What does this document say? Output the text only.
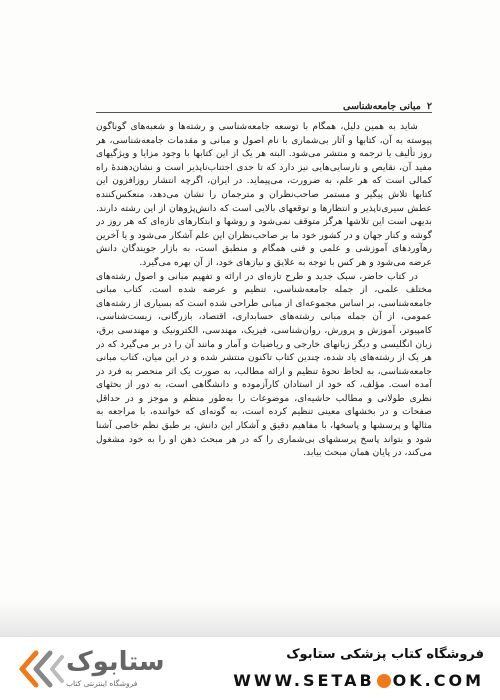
۲
مبانی جامعه‌شناسی

شاید به همین دلیل، همگام با توسعه جامعه‌شناسی و رشته‌ها و شعبه‌های گوناگون پیوسته به آن، کتابها و آثار بی‌شماری با نام اصول و مبانی و مقدمات جامعه‌شناسی، هر روز تألیف یا ترجمه و منتشر می‌شود. البته هر یک از این کتابها با وجود مزایا و ویژگیهای مفید آن، نقایص و نارسایی‌هایی نیز دارد که تا حدی اجتناب‌ناپذیر است و نشان‌دهندهٔ راه کمالی است که هر علم، به ضرورت، می‌پیماید. در ایران، اگرچه انتشار روزافزون این کتابها تلاش پیگیر و مستمر صاحب‌نظران و مترجمان را نشان می‌دهد، منعکس‌کننده عطش سیری‌ناپذیر و انتظارها و توقعهای بالایی است که دانش‌پژوهان از این رشته دارند. بدیهی است این تلاشها هرگز متوقف نمی‌شود و روشها و ابتکارهای تازه‌ای که هر روز در گوشه و کنار جهان و در کشور خود ما بر صاحب‌نظران این علم آشکار می‌شود و یا آخرین رهآوردهای آموزشی و علمی و فنی همگام و منطبق است، به بازار جویندگان دانش عرضه می‌شود و هر کس با توجه به علایق و نیازهای خود، از آن بهره می‌گیرد.

در کتاب حاضر، سبک جدید و طرح تازه‌ای در ارائه و تفهیم مبانی و اصول رشته‌های مختلف علمی، از جمله جامعه‌شناسی، تنظیم و عرضه شده است. کتاب مبانی جامعه‌شناسی، بر اساس مجموعه‌ای از مبانی طراحی شده است که بسیاری از رشته‌های عمومی، از آن جمله مبانی رشته‌های حسابداری، اقتصاد، بازرگانی، زیست‌شناسی، کامپیوتر، آموزش و پرورش، روان‌شناسی، فیزیک، مهندسی، الکترونیک و مهندسی برق، زبان انگلیسی و دیگر زبانهای خارجی و ریاضیات و آمار و مانند آن را در بر می‌گیرد که در هر یک از رشته‌های یاد شده، چندین کتاب تاکنون منتشر شده و در این میان، کتاب مبانی جامعه‌شناسی، به لحاظ نحوهٔ تنظیم و ارائه مطالب، به صورت یک اثر منحصر به فرد در آمده است. مؤلف، که خود از استادان کارآزموده و دانشگاهی است، به دور از بحثهای نظری طولانی و مطالب حاشیه‌ای، موضوعات را به‌طور منظم و موجز و در حداقل صفحات و در بخشهای معینی تنظیم کرده است، به گونه‌ای که خواننده، با مراجعه به مثالها و پرسشها و پاسخها، با مفاهیم دقیق و آشکار این دانش، بر طبق نظم خاصی آشنا شود و بتواند پاسخ پرسشهای بی‌شماری را که در هر مبحث ذهن او را به خود مشغول می‌کند، در پایان همان مبحث بیابد.

ستابوک
فروشگاه اینترنتی کتاب
فروشگاه کتاب پزشکی ستابوک
WWW.SETAB OK.COM
